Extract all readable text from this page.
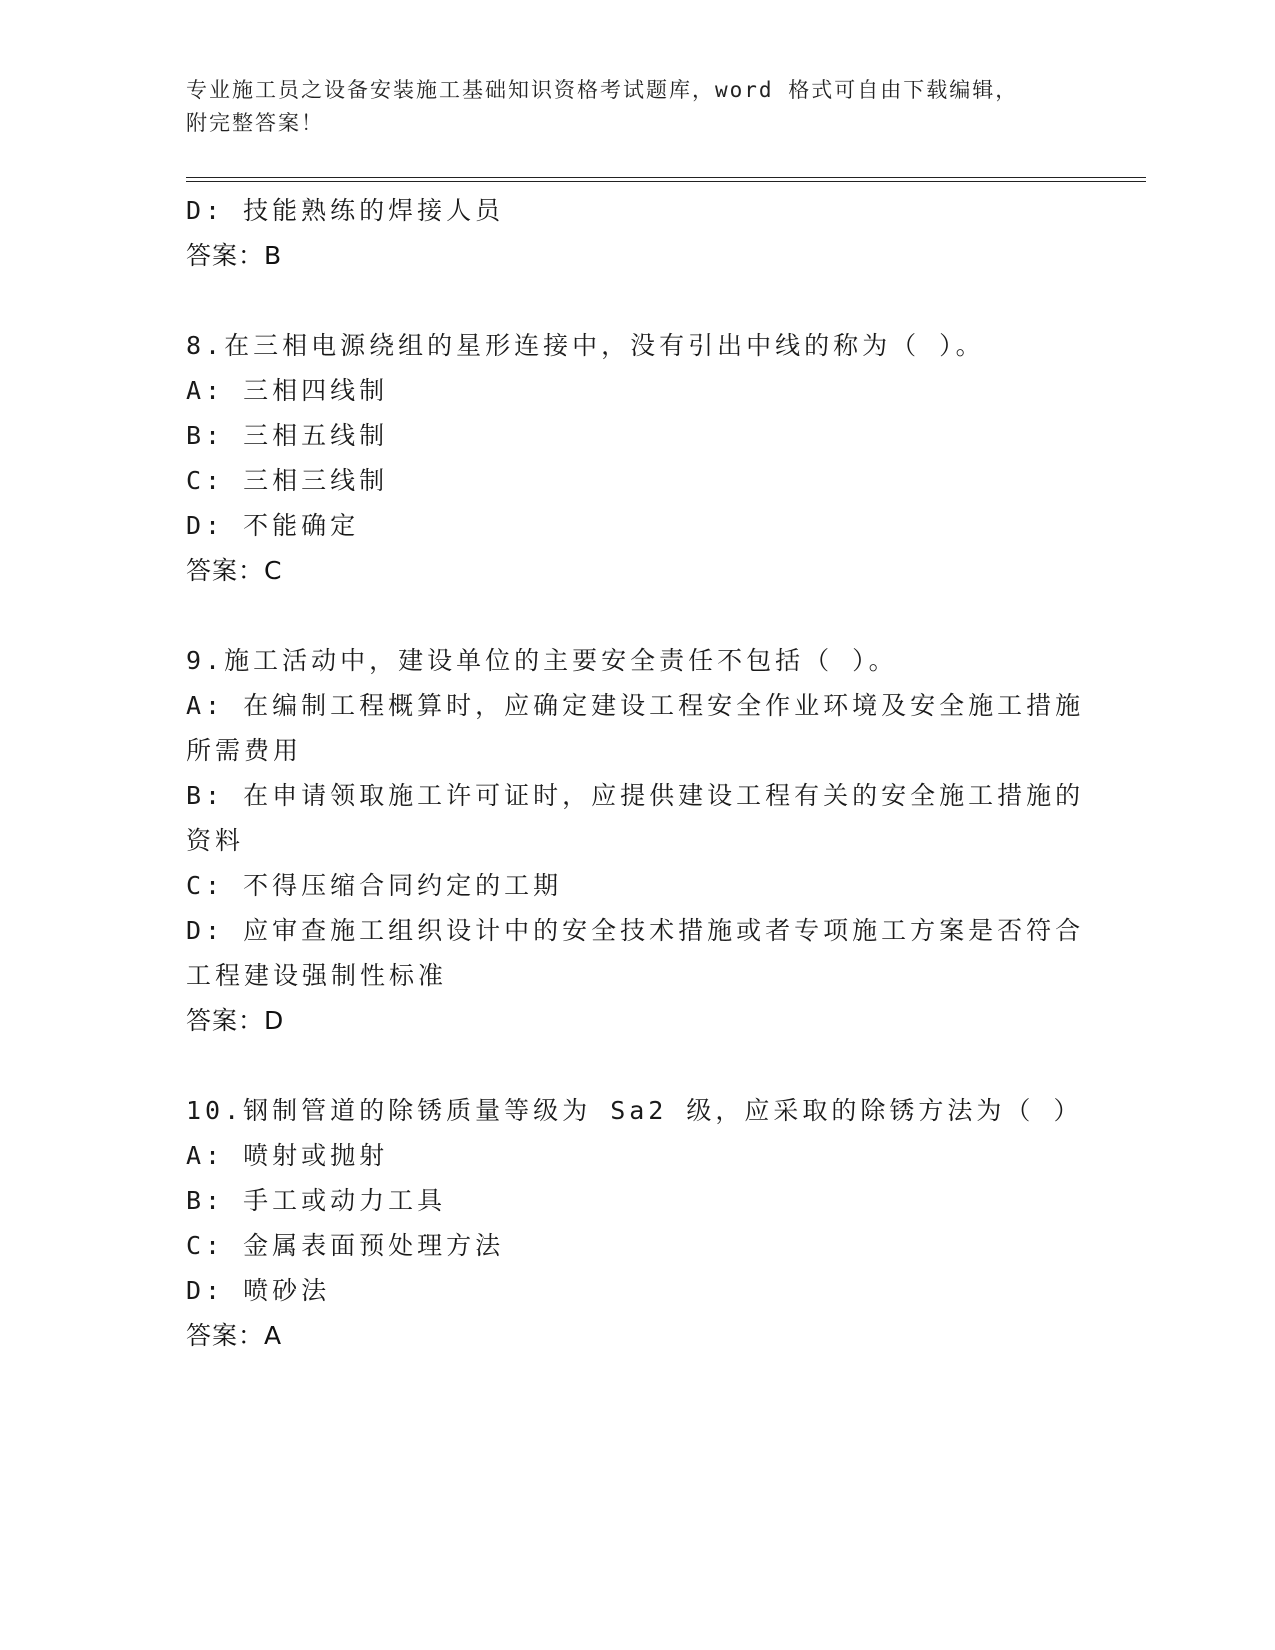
专业施工员之设备安装施工基础知识资格考试题库，word 格式可自由下载编辑，
附完整答案！
D: 技能熟练的焊接人员
答案：B
8.在三相电源绕组的星形连接中，没有引出中线的称为（ ）。
A: 三相四线制
B: 三相五线制
C: 三相三线制
D: 不能确定
答案：C
9.施工活动中，建设单位的主要安全责任不包括（ ）。
A: 在编制工程概算时，应确定建设工程安全作业环境及安全施工措施
所需费用
B: 在申请领取施工许可证时，应提供建设工程有关的安全施工措施的
资料
C: 不得压缩合同约定的工期
D: 应审查施工组织设计中的安全技术措施或者专项施工方案是否符合
工程建设强制性标准
答案：D
10.钢制管道的除锈质量等级为 Sa2 级，应采取的除锈方法为（ ）
A: 喷射或抛射
B: 手工或动力工具
C: 金属表面预处理方法
D: 喷砂法
答案：A
